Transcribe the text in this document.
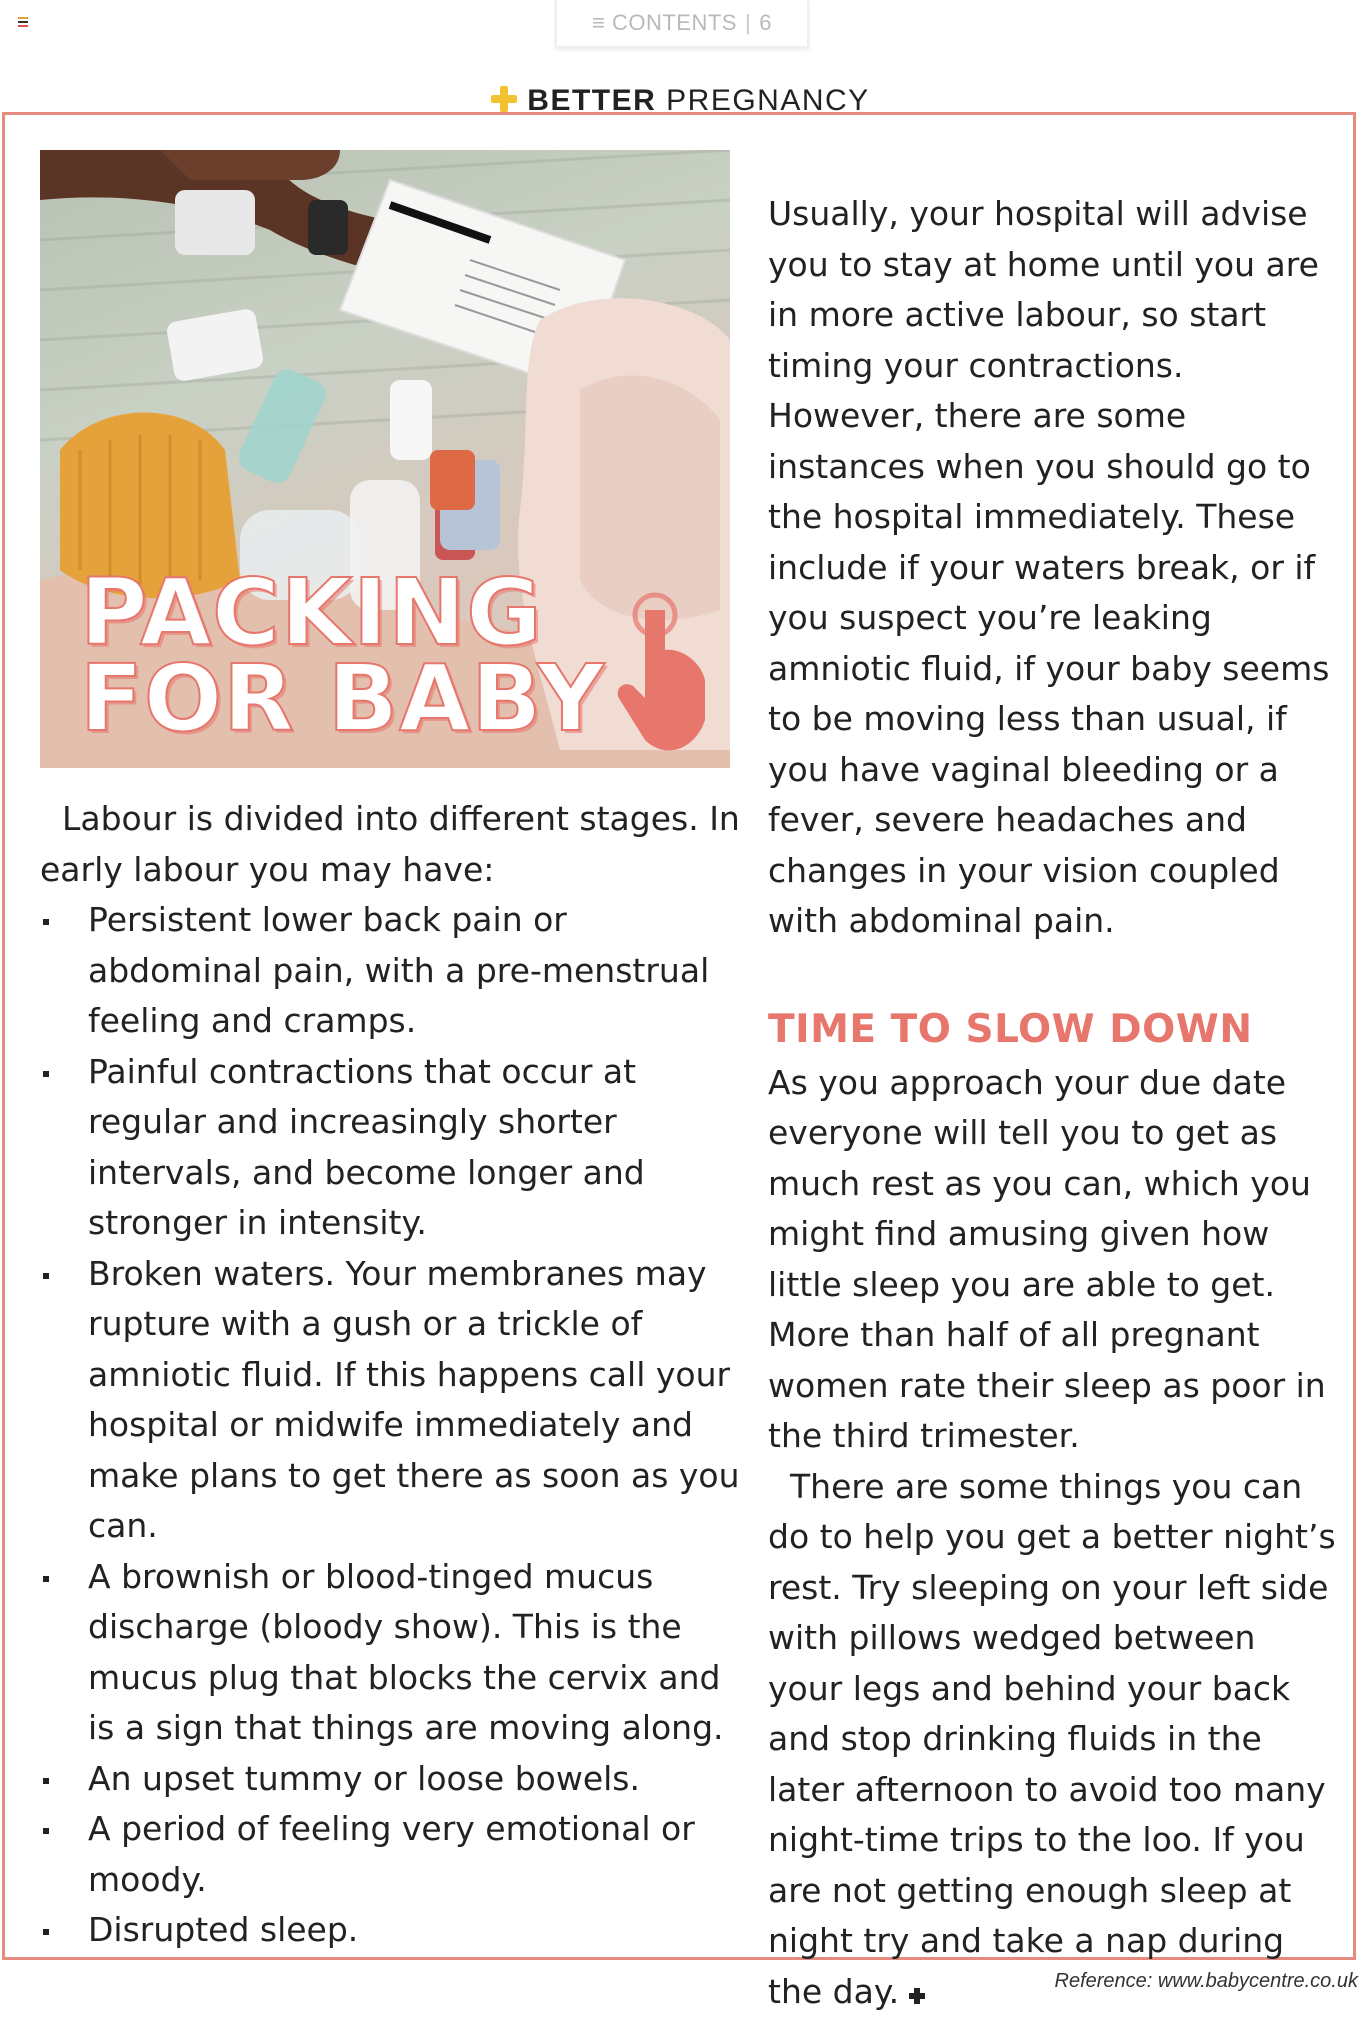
≡ CONTENTS | 6
BETTER PREGNANCY
PACKING
FOR BABY

Labour is divided into different stages. In early labour you may have:

Persistent lower back pain or abdominal pain, with a pre-menstrual feeling and cramps.
Painful contractions that occur at regular and increasingly shorter intervals, and become longer and stronger in intensity.
Broken waters. Your membranes may rupture with a gush or a trickle of amniotic fluid. If this happens call your hospital or midwife immediately and make plans to get there as soon as you can.
A brownish or blood-tinged mucus discharge (bloody show). This is the mucus plug that blocks the cervix and is a sign that things are moving along.
An upset tummy or loose bowels.
A period of feeling very emotional or moody.
Disrupted sleep.

Usually, your hospital will advise you to stay at home until you are in more active labour, so start timing your contractions. However, there are some instances when you should go to the hospital immediately. These include if your waters break, or if you suspect you’re leaking amniotic fluid, if your baby seems to be moving less than usual, if you have vaginal bleeding or a fever, severe headaches and changes in your vision coupled with abdominal pain.

TIME TO SLOW DOWN

As you approach your due date everyone will tell you to get as much rest as you can, which you might find amusing given how little sleep you are able to get. More than half of all pregnant women rate their sleep as poor in the third trimester.

There are some things you can do to help you get a better night’s rest. Try sleeping on your left side with pillows wedged between your legs and behind your back and stop drinking fluids in the later afternoon to avoid too many night-time trips to the loo. If you are not getting enough sleep at night try and take a nap during the day.	Reference: www.babycentre.co.uk
